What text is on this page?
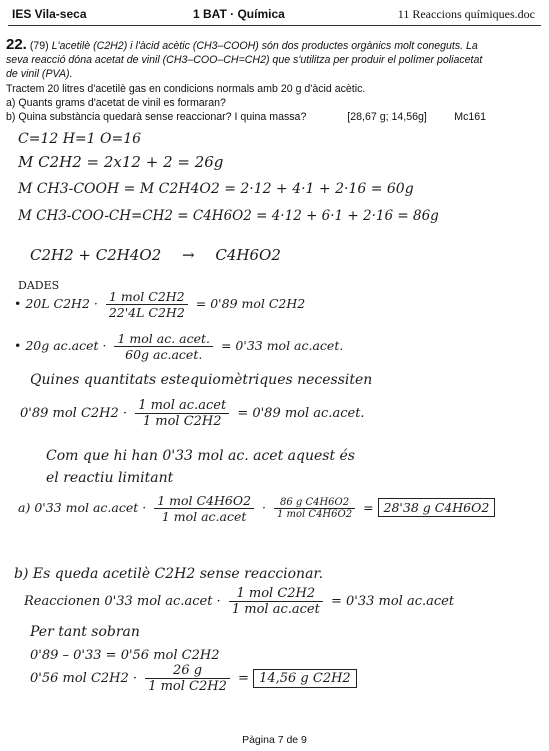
IES Vila-seca	1 BAT · Química	11 Reaccions químiques.doc
22. (79) L'acetilè (C2H2) i l'àcid acètic (CH3–COOH) són dos productes orgànics molt coneguts. La
seva reacció dóna acetat de vinil (CH3–COO–CH=CH2) que s'utilitza per produir el polímer poliacetat
de vinil (PVA).
Tractem 20 litres d'acetilè gas en condicions normals amb 20 g d'àcid acètic.
a) Quants grams d'acetat de vinil es formaran?
b) Quina substància quedarà sense reaccionar? I quina massa?	[28,67 g; 14,56g]	Mc161
C=12 H=1 O=16
M C2H2 = 2x12 + 2 = 26g
M CH3-COOH = M C2H4O2 = 2·12 + 4·1 + 2·16 = 60g
M CH3-COO-CH=CH2 = C4H6O2 = 4·12 + 6·1 + 2·16 = 86g
C2H2 + C2H4O2 → C4H6O2
DADES
• 20L C2H2 · 1 mol C2H2
22'4L C2H2
= 0'89 mol C2H2
• 20g ac.acet · 1 mol ac. acet.
60g ac.acet.
= 0'33 mol ac.acet.
Quines quantitats estequiomètriques necessiten
0'89 mol C2H2 ·
1 mol ac.acet
1 mol C2H2
= 0'89 mol ac.acet.
Com que hi han 0'33 mol ac. acet aquest és
el reactiu limitant
a) 0'33 mol ac.acet · 1 mol C4H6O2
1 mol ac.acet
·	86 g C4H6O2
1 mol C4H6O2 = 28'38 g C4H6O2
b) Es queda acetilè C2H2 sense reaccionar.
Reaccionen 0'33 mol ac.acet ·
1 mol C2H2
1 mol ac.acet
= 0'33 mol ac.acet
Per tant sobran
0'89 – 0'33 = 0'56 mol C2H2
0'56 mol C2H2 ·
26 g
1 mol C2H2
= 14,56 g C2H2
Pàgina 7 de 9
